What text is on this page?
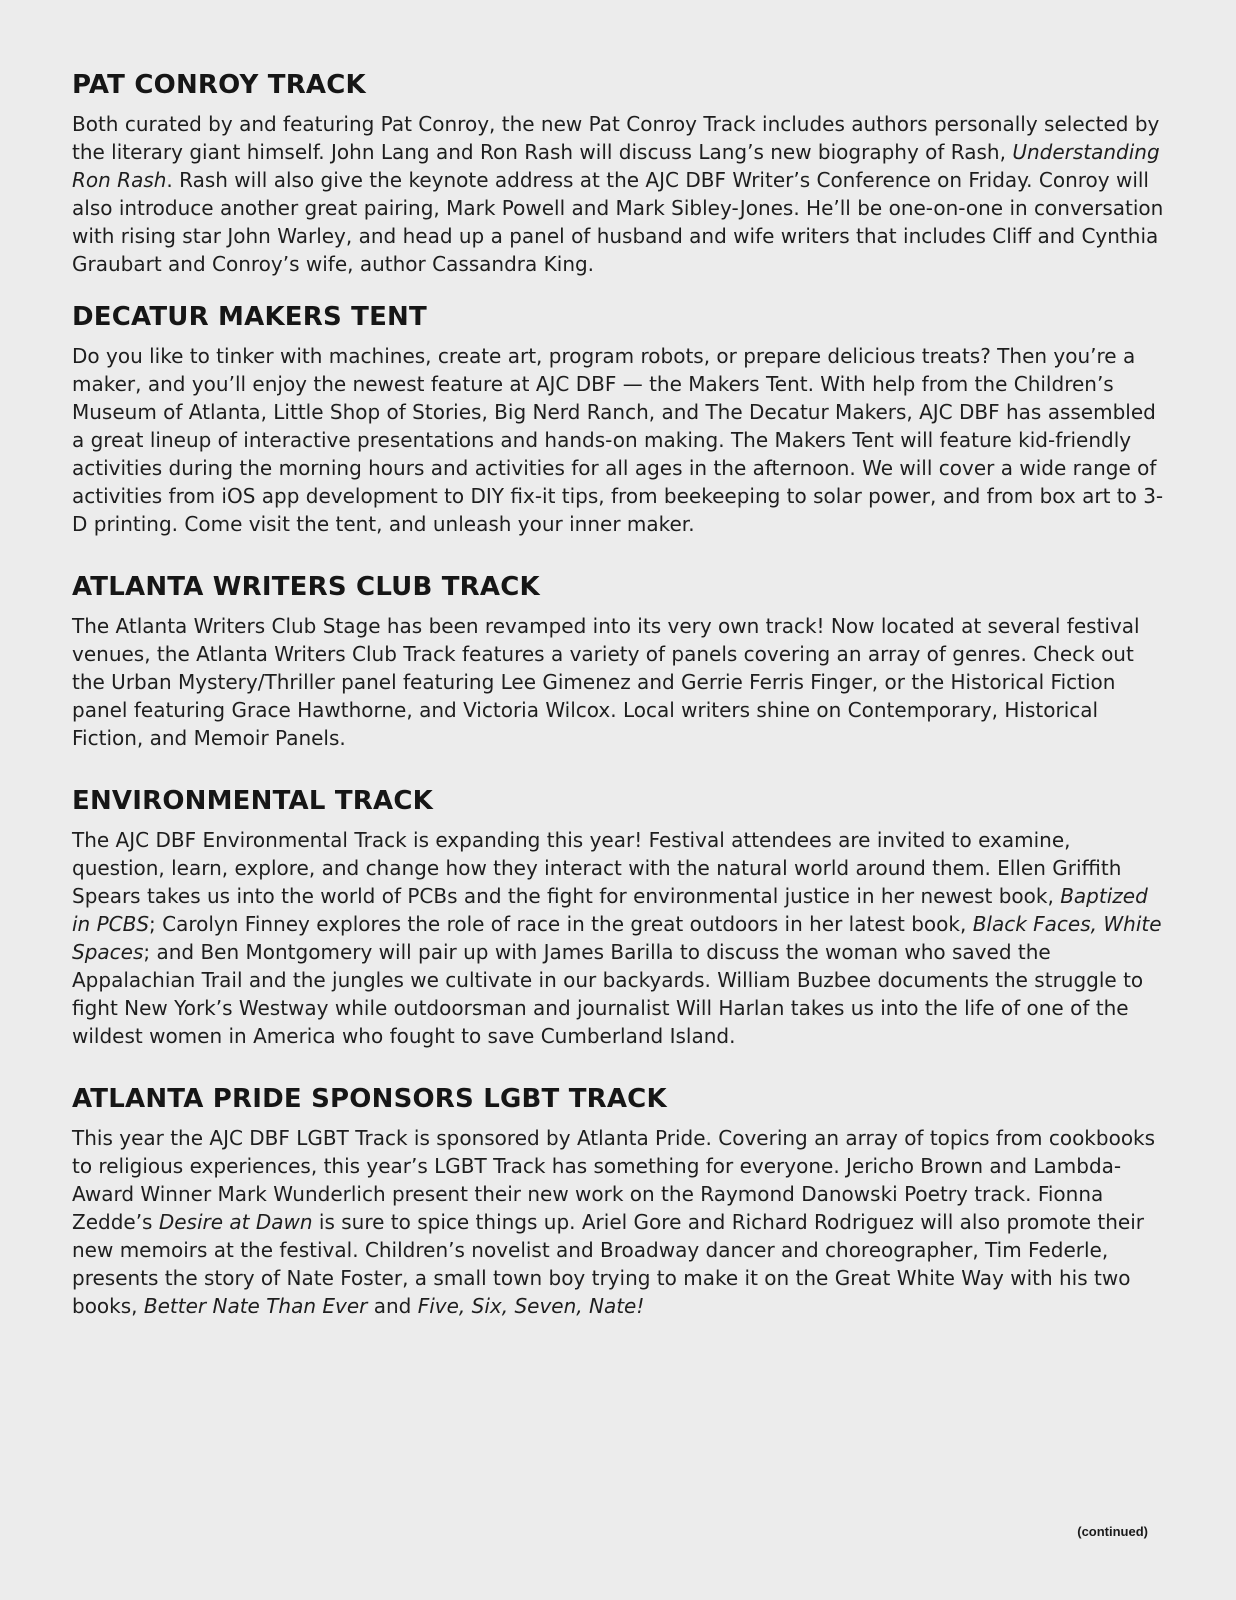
PAT CONROY TRACK

Both curated by and featuring Pat Conroy, the new Pat Conroy Track includes authors personally selected by the literary giant himself. John Lang and Ron Rash will discuss Lang’s new biography of Rash, Understanding Ron Rash. Rash will also give the keynote address at the AJC DBF Writer’s Conference on Friday. Conroy will also introduce another great pairing, Mark Powell and Mark Sibley-Jones. He’ll be one-on-one in conversation with rising star John Warley, and head up a panel of husband and wife writers that includes Cliff and Cynthia Graubart and Conroy’s wife, author Cassandra King.

DECATUR MAKERS TENT

Do you like to tinker with machines, create art, program robots, or prepare delicious treats? Then you’re a maker, and you’ll enjoy the newest feature at AJC DBF — the Makers Tent. With help from the Children’s Museum of Atlanta, Little Shop of Stories, Big Nerd Ranch, and The Decatur Makers, AJC DBF has assembled a great lineup of interactive presentations and hands-on making. The Makers Tent will feature kid-friendly activities during the morning hours and activities for all ages in the afternoon. We will cover a wide range of activities from iOS app development to DIY fix-it tips, from beekeeping to solar power, and from box art to 3-D printing. Come visit the tent, and unleash your inner maker.

ATLANTA WRITERS CLUB TRACK

The Atlanta Writers Club Stage has been revamped into its very own track! Now located at several festival venues, the Atlanta Writers Club Track features a variety of panels covering an array of genres. Check out the Urban Mystery/Thriller panel featuring Lee Gimenez and Gerrie Ferris Finger, or the Historical Fiction panel featuring Grace Hawthorne, and Victoria Wilcox. Local writers shine on Contemporary, Historical Fiction, and Memoir Panels.

ENVIRONMENTAL TRACK

The AJC DBF Environmental Track is expanding this year! Festival attendees are invited to examine, question, learn, explore, and change how they interact with the natural world around them. Ellen Griffith Spears takes us into the world of PCBs and the fight for environmental justice in her newest book, Baptized in PCBS; Carolyn Finney explores the role of race in the great outdoors in her latest book, Black Faces, White Spaces; and Ben Montgomery will pair up with James Barilla to discuss the woman who saved the Appalachian Trail and the jungles we cultivate in our backyards. William Buzbee documents the struggle to fight New York’s Westway while outdoorsman and journalist Will Harlan takes us into the life of one of the wildest women in America who fought to save Cumberland Island.

ATLANTA PRIDE SPONSORS LGBT TRACK

This year the AJC DBF LGBT Track is sponsored by Atlanta Pride. Covering an array of topics from cookbooks to religious experiences, this year’s LGBT Track has something for everyone. Jericho Brown and Lambda-Award Winner Mark Wunderlich present their new work on the Raymond Danowski Poetry track. Fionna Zedde’s Desire at Dawn is sure to spice things up. Ariel Gore and Richard Rodriguez will also promote their new memoirs at the festival. Children’s novelist and Broadway dancer and choreographer, Tim Federle, presents the story of Nate Foster, a small town boy trying to make it on the Great White Way with his two books, Better Nate Than Ever and Five, Six, Seven, Nate!

(continued)
